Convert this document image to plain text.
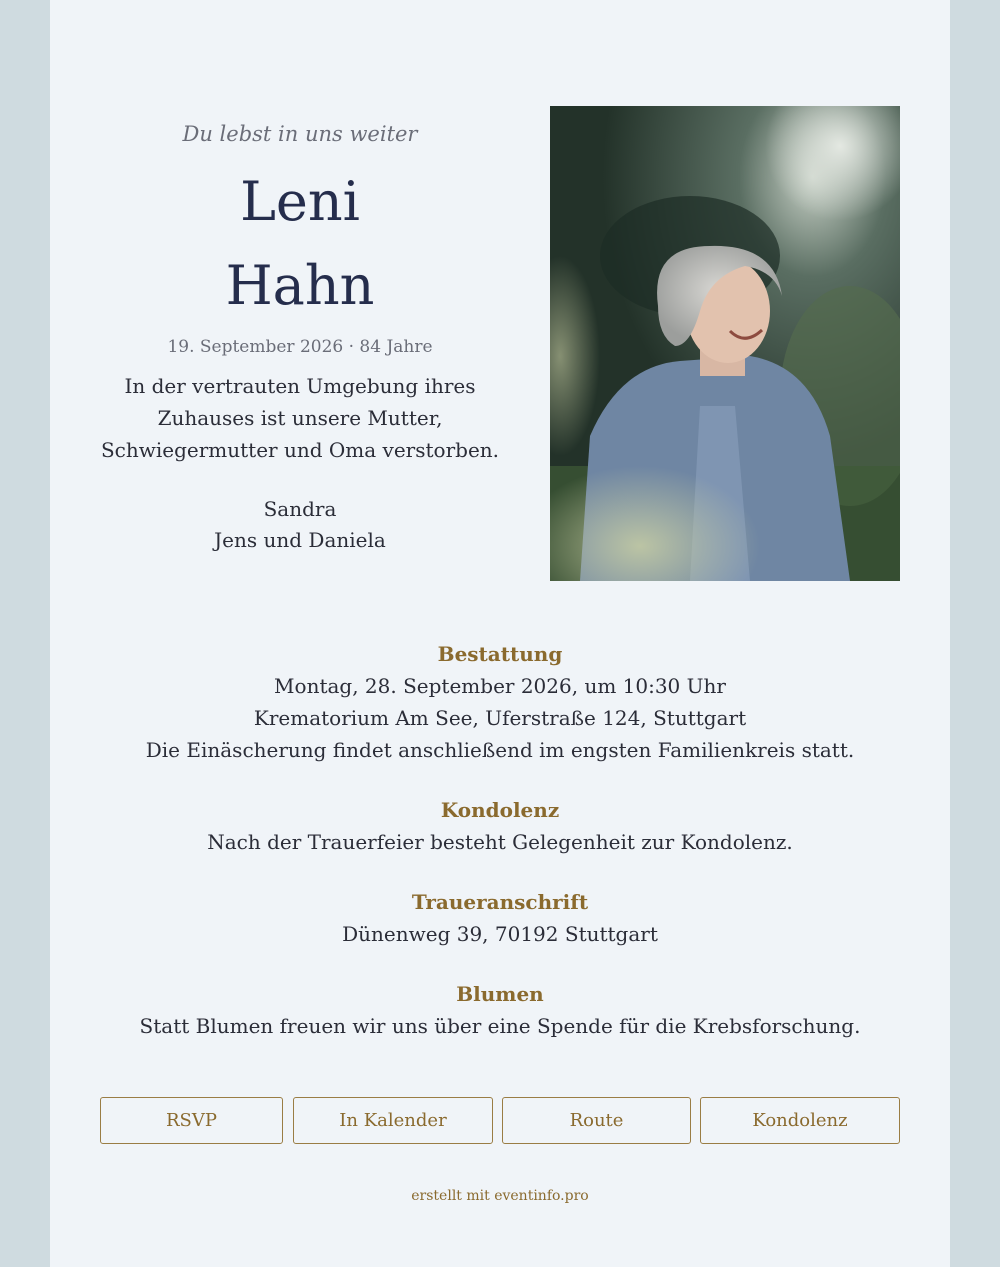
Du lebst in uns weiter

Leni
Hahn
19. September 2026 · 84 Jahre
In der vertrauten Umgebung ihres
Zuhauses ist unsere Mutter,
Schwiegermutter und Oma verstorben.
Sandra
Jens und Daniela
Bestattung

Montag, 28. September 2026, um 10:30 Uhr

Krematorium Am See, Uferstraße 124, Stuttgart

Die Einäscherung findet anschließend im engsten Familienkreis statt.

Kondolenz

Nach der Trauerfeier besteht Gelegenheit zur Kondolenz.

Traueranschrift

Dünenweg 39, 70192 Stuttgart

Blumen

Statt Blumen freuen wir uns über eine Spende für die Krebsforschung.

RSVP	In Kalender	Route	Kondolenz
erstellt mit eventinfo.pro
